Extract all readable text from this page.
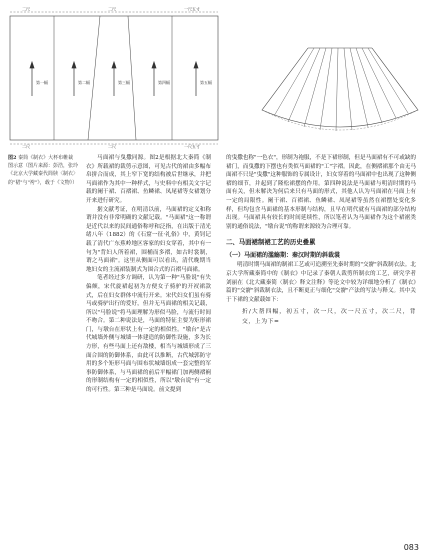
第一幅	第二幅	第三幅	第四幅	第五幅
二尺	二尺	一尺五寸
二尺	二尺	一尺五寸
图2 秦简《制衣》大杯布帷裁图示意（图片来源：彭浩，张玲《北京大学藏秦代简牍〈制衣〉的"裙"与"袴"》，载于《文物》）

马面裙与曳撒同源。图2是根据北大秦简《制衣》所载裙的裁剪示意图，可见古代的裙由多幅布帛拼合而成，其上窄下宽的结构被后世继承，并把马面裙作为其中一种样式，与史料中有相关文字记载的阑干裙、百褶裙、鱼鳞裙、凤尾裙等女裙划分开来进行研究。

据文献考证，在明清以前，马面裙的定义和称谓并没有非常明确的文献记载。"马面裙"这一称谓是近代以来的民间通俗称呼和泛指，在出版于清光绪八年（1882）的《石窟一征·礼俗》中，黄钊记载了清代广东蕉岭地区客家的妇女穿着，其中有一句为"背妇人所着裙，围桶而多褶，如古时裳制，谓之马面裙"。这里从侧面可以看出，清代晚期当地妇女的主流裙装制式为围合式的百褶马面裙。

笔者经过多方调研，认为第一种"马脸说"有失偏颇，宋代旋裙起初为方便女子骑驴的开衩裙款式，后在妇女群体中流行开来。宋代妇女们虽有骑马或骑驴出行的爱好，但并无马面裙的相关记载，所以"马脸说"将马面理解为形似马脸，与流行时间不吻合。第二种说法是，马面的特征主要为矩形裙门，与墩台在形状上有一定的相似性。"墩台"是古代城墙外侧与城墙一体建造的防御性设施，多为长方形，有些马面上还有敌楼，相当与城墙形成了三面合围的防御体系，由此可以推断，古代城郭防守用的多个矩形马面与围布状城墙组成一套完整的军事防御体系，与马面裙的前后平幅裙门加两侧褶裥的形制结构有一定的相似性，所以"墩台说"有一定的可行性。第三种是马面说。前文提到

的曳撒也称"一色衣"，形制为袍服，不是下裙形制，但是马面裙有不可或缺的裙门，而曳撒的下摆也有类似马面裙的"工"字褶。因此，在侧褶裙那个由无马面裙不只是"曳撒"这种服饰的专属设计，妇女穿着的马面裙中也出现了这种侧褶的细节，并起到了隆松裙摆的作用。第四种说法是马面裙与明清时期的马面有关，但未解决为何后来只有马面的形式，其他人认为马面裙在马面上有一定的局限性。阑干裙、百褶裙、鱼鳞裙、凤尾裙等虽然在裙摆处变化多样，但均包含马面裙的基本形制与结构，且早在明代就有马面裙的部分结构出现。马面裙具有较长的时间延续性，所以笔者认为马面裙作为这个裙裾类别的通俗说法，"墩台说"的称谓来源较为合理可靠。

二、马面裙制裙工艺的历史叠累

（一）马面裙的滥觞期：秦汉时期的斜裁裳

明清时期马面裙的制裙工艺或可追溯至先秦时期的"交窬"斜裁制衣法。北京大学所藏秦简中的《制衣》中记录了秦朝人裁剪所制衣的工艺，研究学者刘丽在《北大藏秦简〈制衣〉释文注释》等论文中较为详细地分析了《制衣》篇的"交窬"斜裁制衣法，且不断更正与细化"交窬"产法的写法与释义。其中关于下裙的文献载如下：

折/大帮四幅，初五寸，次一尺，次一尺五寸，次二尺，背交，上为下=

083
